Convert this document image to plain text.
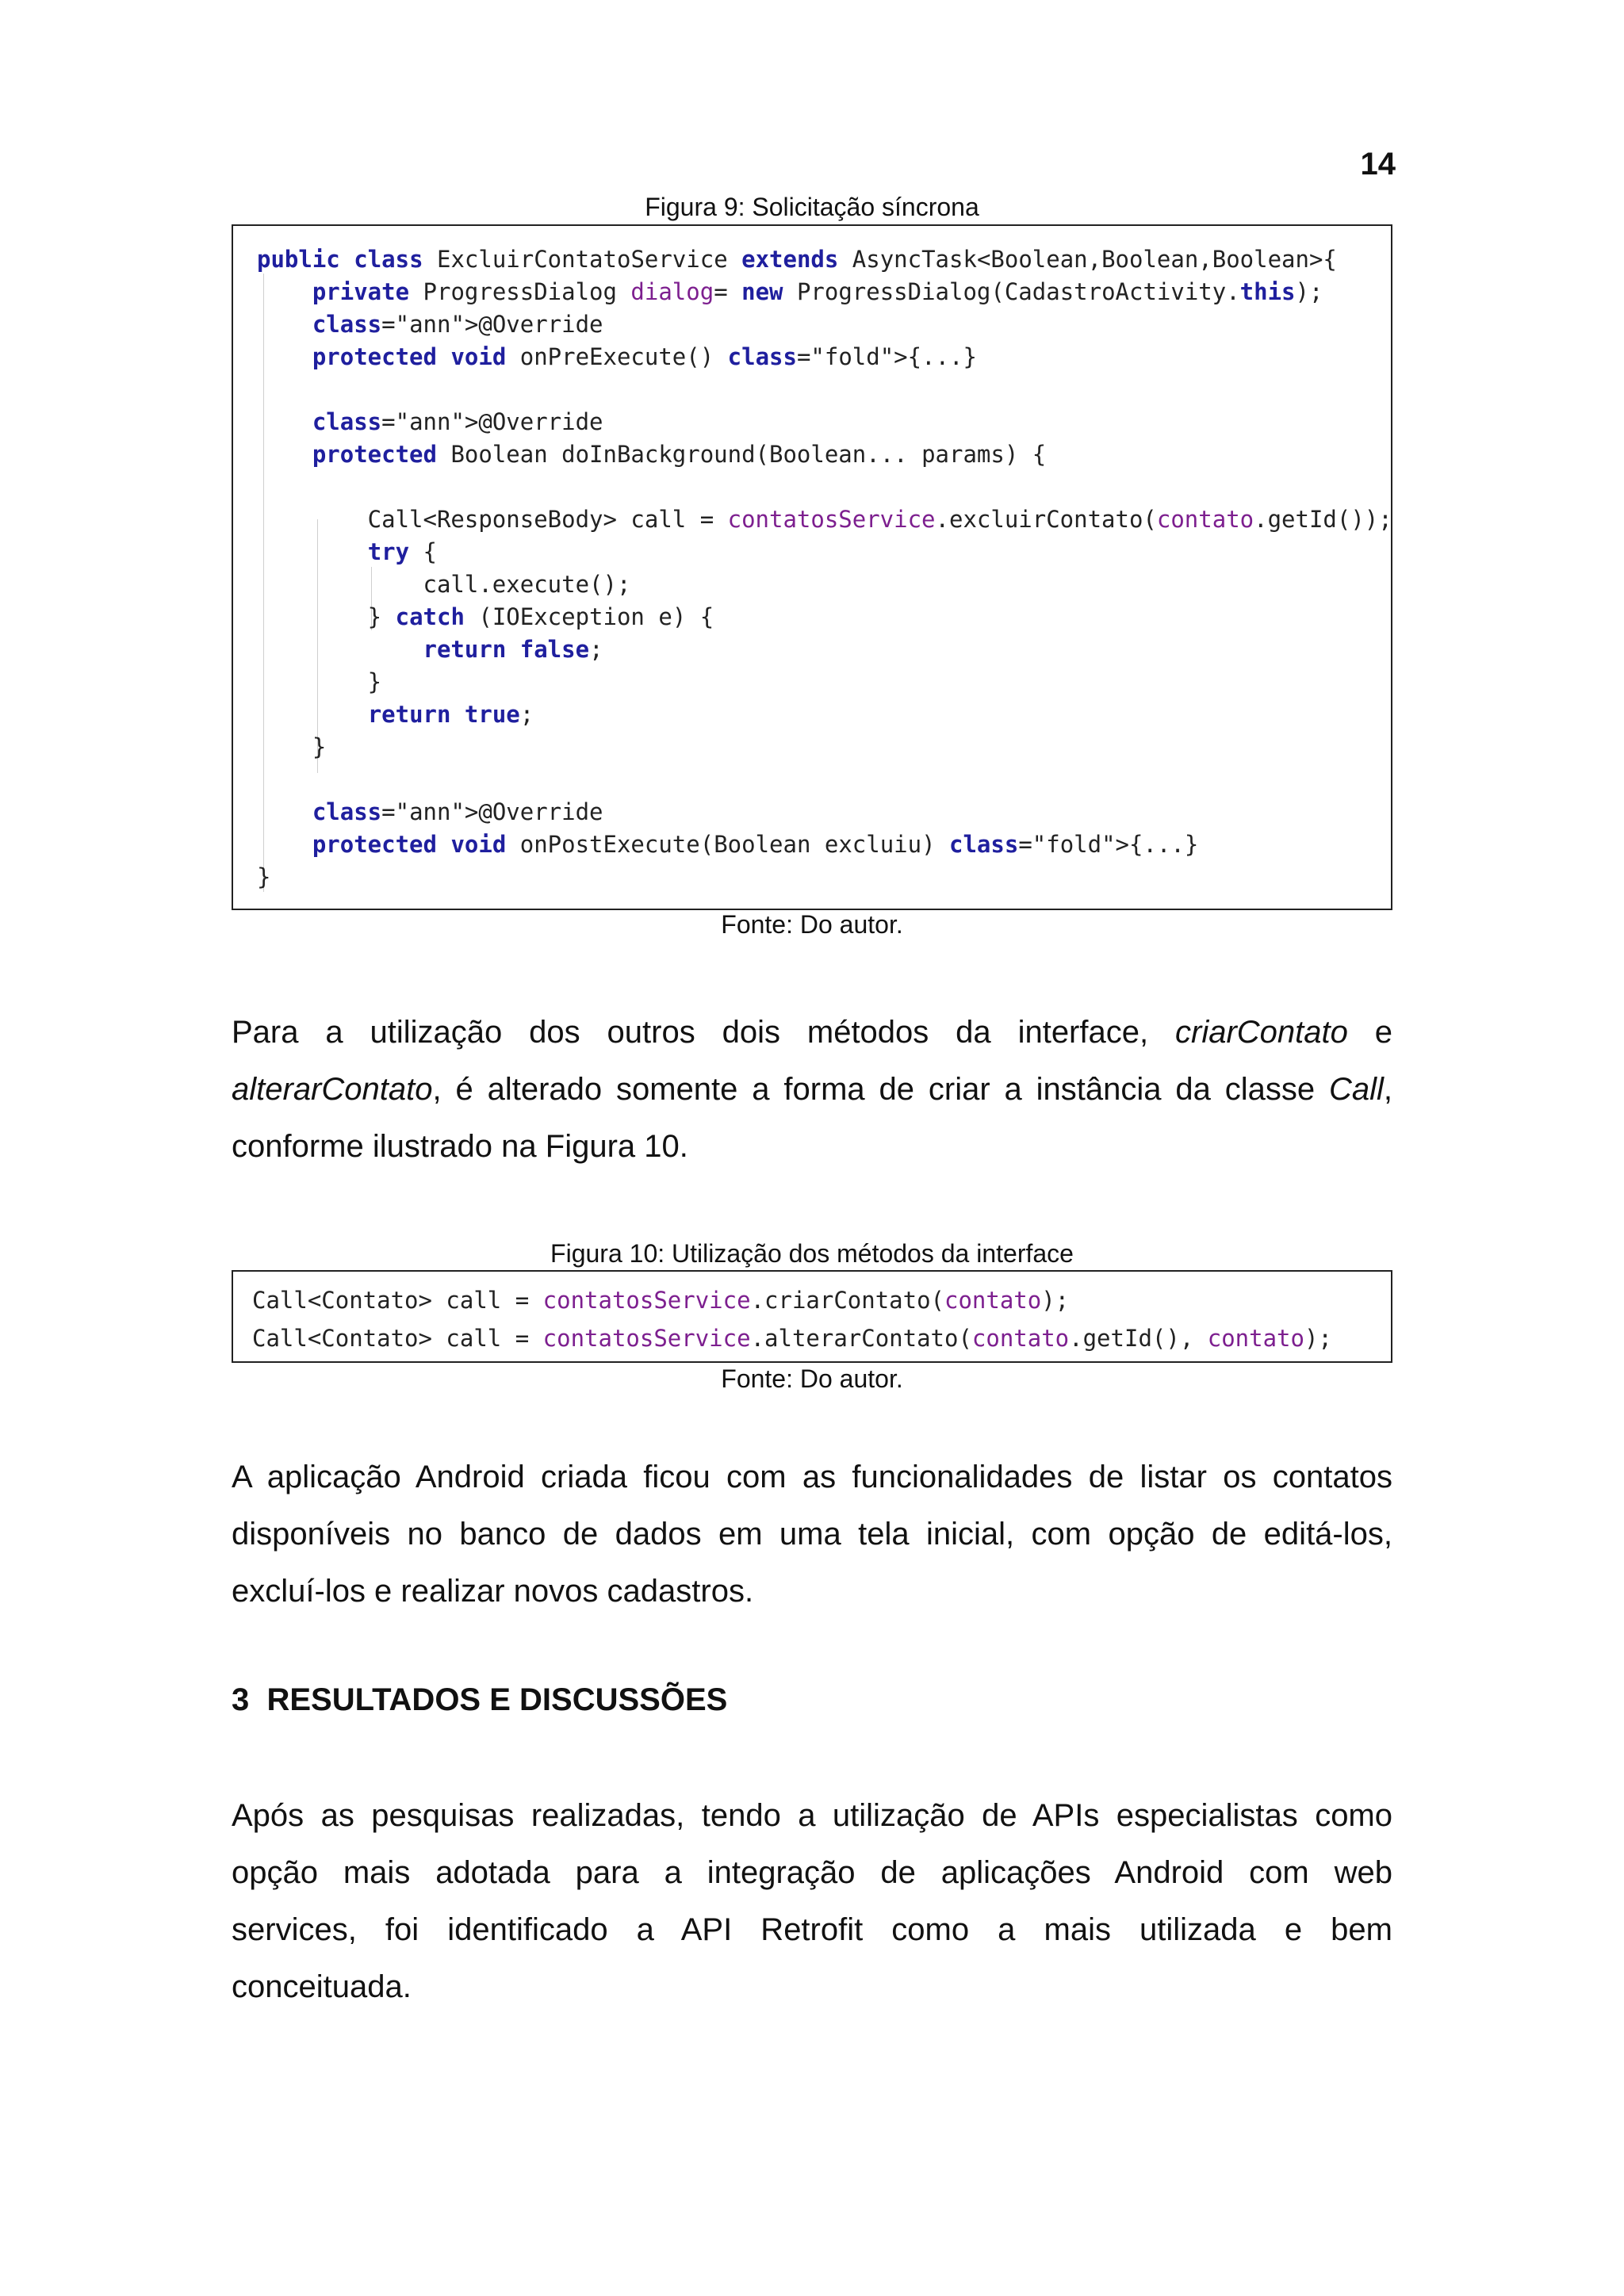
14
Figura 9: Solicitação síncrona
public class ExcluirContatoService extends AsyncTask<Boolean,Boolean,Boolean>{
private ProgressDialog dialog= new ProgressDialog(CadastroActivity.this);
class="ann">@Override
protected void onPreExecute() class="fold">{...}

class="ann">@Override
protected Boolean doInBackground(Boolean... params) {

Call<ResponseBody> call = contatosService.excluirContato(contato.getId());
try {
call.execute();
} catch (IOException e) {
return false;
}
return true;
}

class="ann">@Override
protected void onPostExecute(Boolean excluiu) class="fold">{...}
}
Fonte: Do autor.
Para a utilização dos outros dois métodos da interface, criarContato e
alterarContato, é alterado somente a forma de criar a instância da classe Call,
conforme ilustrado na Figura 10.
Figura 10: Utilização dos métodos da interface
Call<Contato> call = contatosService.criarContato(contato);
Call<Contato> call = contatosService.alterarContato(contato.getId(), contato);
Fonte: Do autor.
A aplicação Android criada ficou com as funcionalidades de listar os contatos
disponíveis no banco de dados em uma tela inicial, com opção de editá-los,
excluí-los e realizar novos cadastros.
3 RESULTADOS E DISCUSSÕES
Após as pesquisas realizadas, tendo a utilização de APIs especialistas como
opção mais adotada para a integração de aplicações Android com web
services, foi identificado a API Retrofit como a mais utilizada e bem
conceituada.
